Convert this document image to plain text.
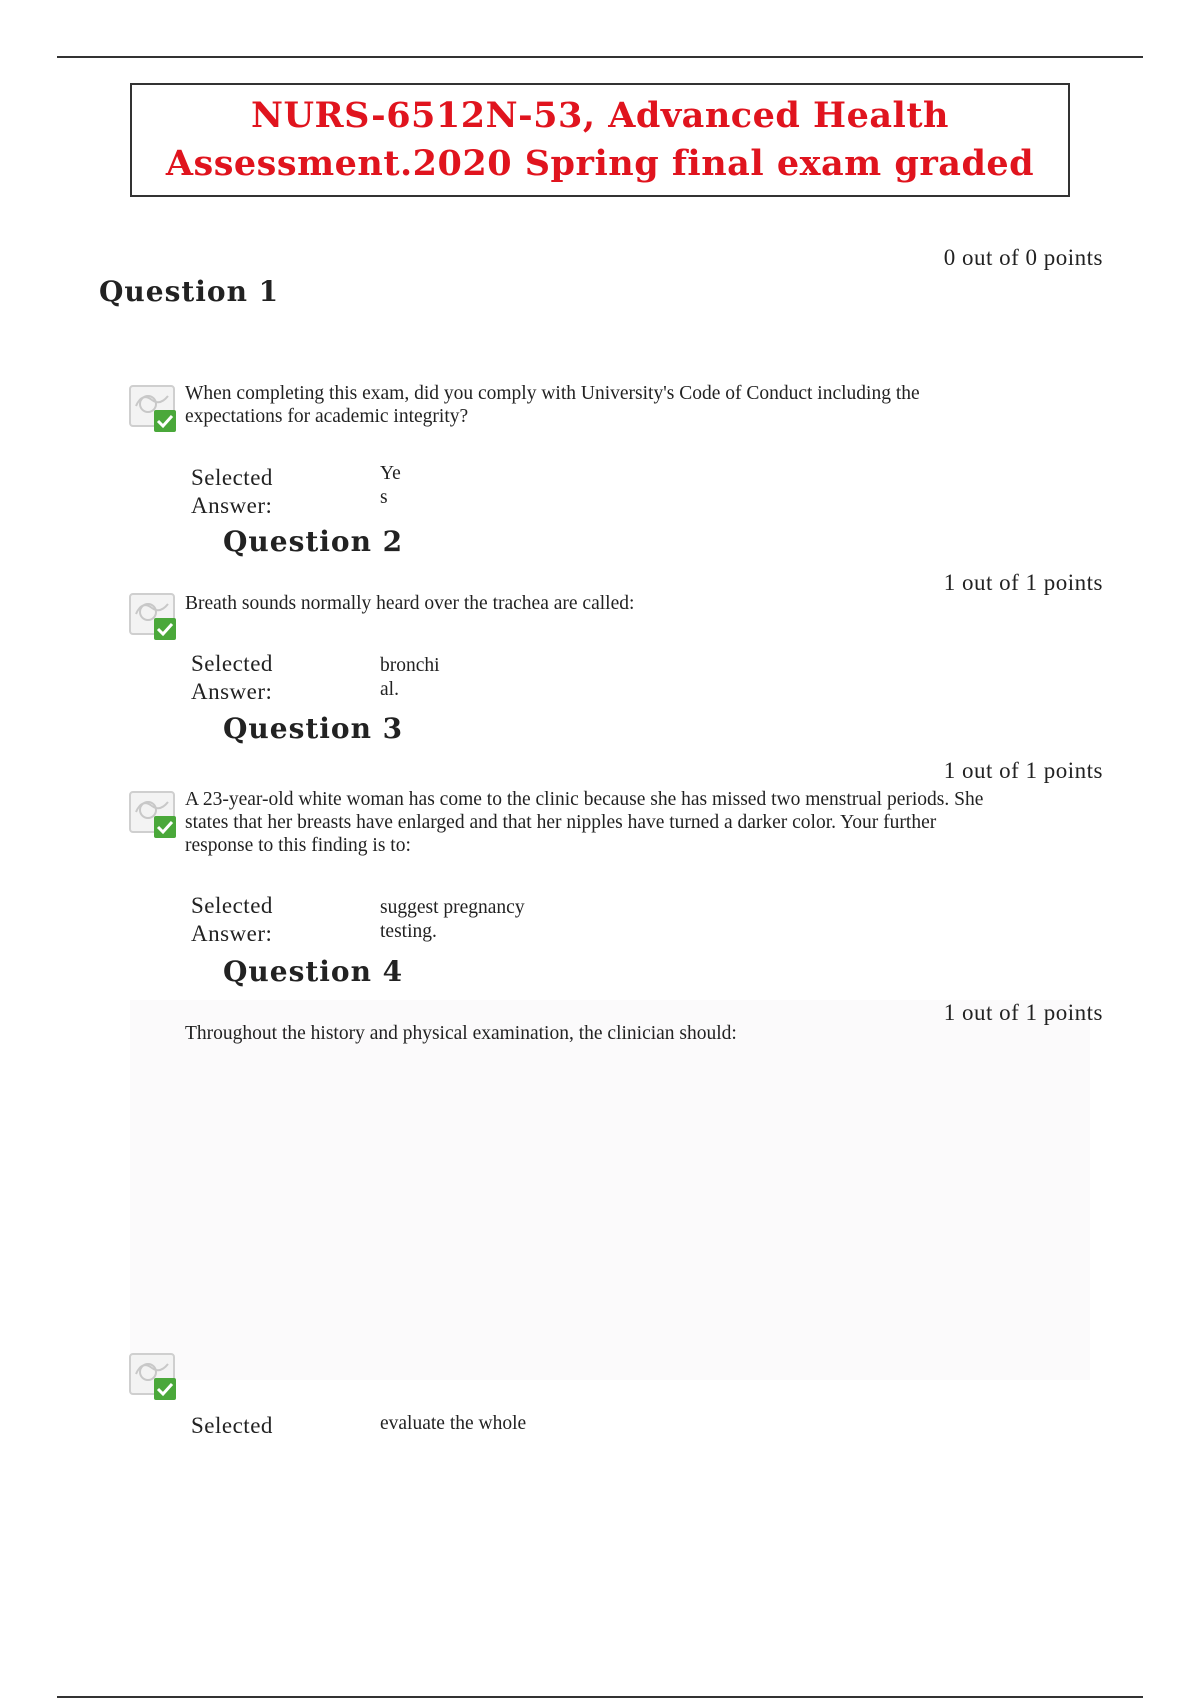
NURS-6512N-53, Advanced Health
Assessment.2020 Spring final exam graded
0 out of 0 points
Question 1
When completing this exam, did you comply with University's Code of Conduct including the expectations for academic integrity?
Selected
Answer:
Ye
s
Question 2
1 out of 1 points
Breath sounds normally heard over the trachea are called:
Selected
Answer:
bronchi
al.
Question 3
1 out of 1 points
A 23-year-old white woman has come to the clinic because she has missed two menstrual periods. She states that her breasts have enlarged and that her nipples have turned a darker color. Your further response to this finding is to:
Selected
Answer:
suggest pregnancy
testing.
Question 4
1 out of 1 points
Throughout the history and physical examination, the clinician should:
Selected	evaluate the whole
